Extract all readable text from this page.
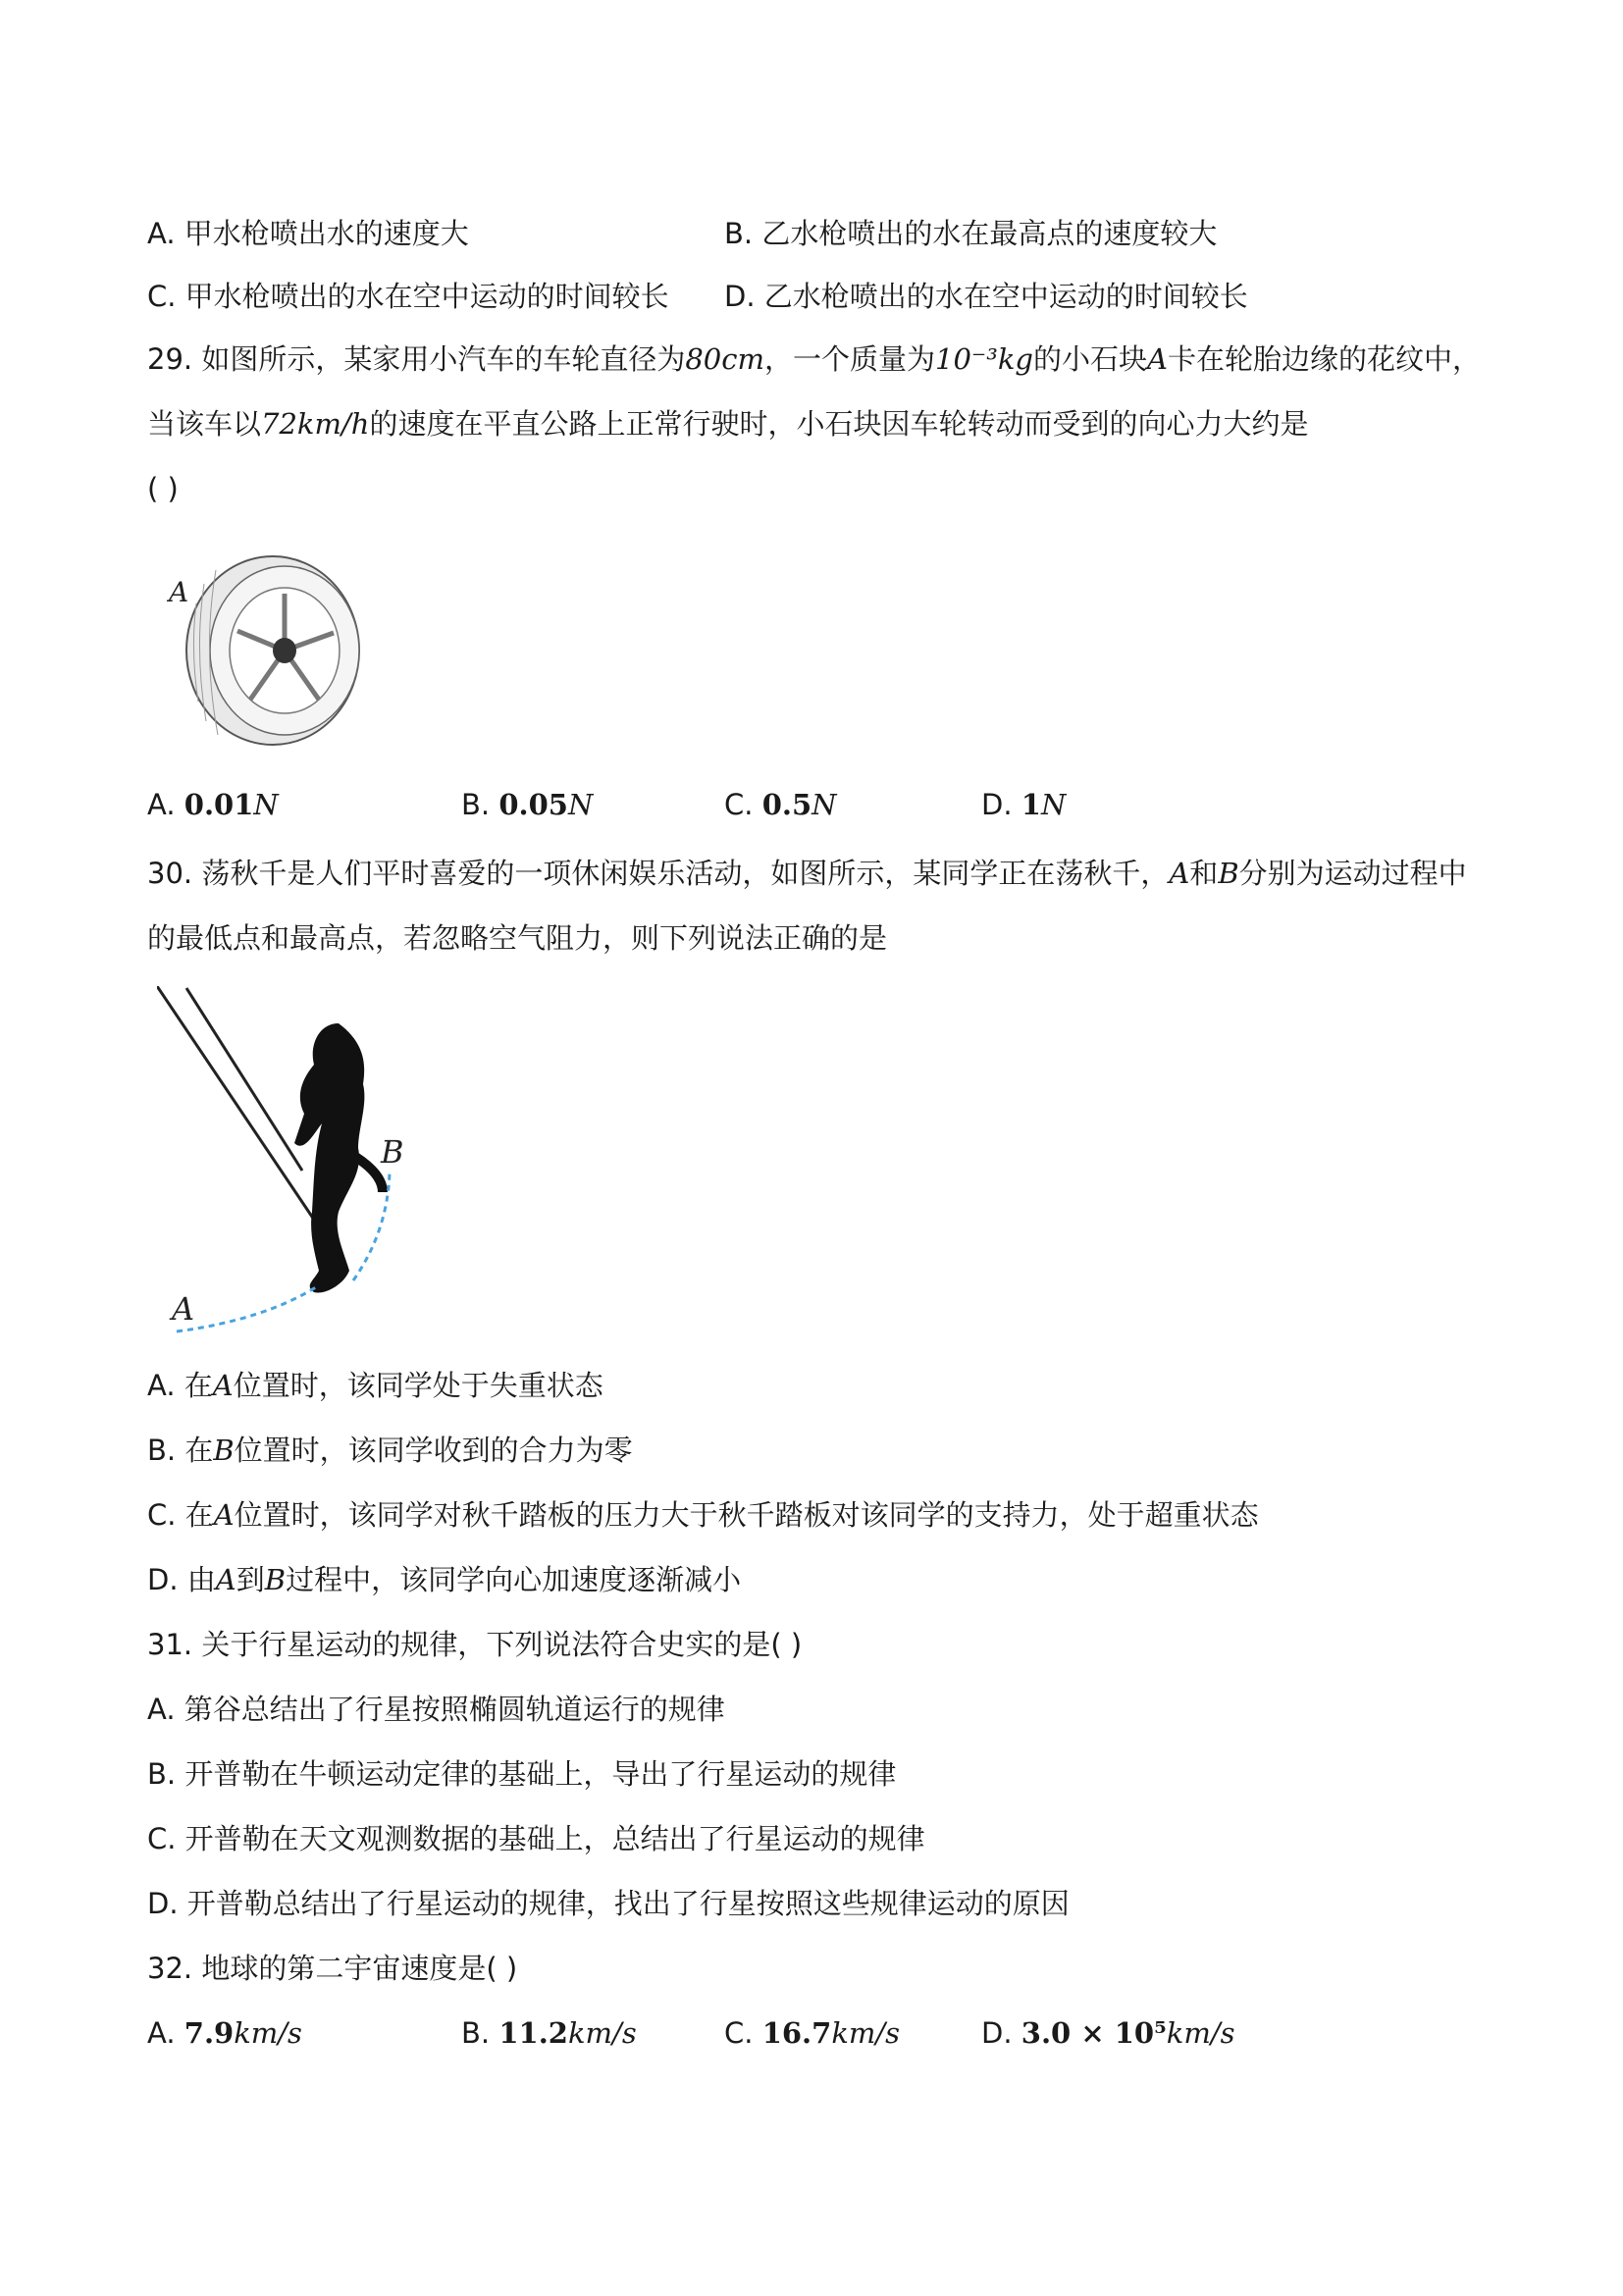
A. 甲水枪喷出水的速度大	B. 乙水枪喷出的水在最高点的速度较大
C. 甲水枪喷出的水在空中运动的时间较长 D. 乙水枪喷出的水在空中运动的时间较长
29. 如图所示，某家用小汽车的车轮直径为80cm，一个质量为10⁻³kg的小石块A卡在轮胎边缘的花纹中，
当该车以72km/h的速度在平直公路上正常行驶时，小石块因车轮转动而受到的向心力大约是
( )
A
A. 0.01N	B. 0.05N	C. 0.5N	D. 1N
30. 荡秋千是人们平时喜爱的一项休闲娱乐活动，如图所示，某同学正在荡秋千，A和B分别为运动过程中
的最低点和最高点，若忽略空气阻力，则下列说法正确的是
B
A
A. 在A位置时，该同学处于失重状态
B. 在B位置时，该同学收到的合力为零
C. 在A位置时，该同学对秋千踏板的压力大于秋千踏板对该同学的支持力，处于超重状态
D. 由A到B过程中，该同学向心加速度逐渐减小
31. 关于行星运动的规律，下列说法符合史实的是( )
A. 第谷总结出了行星按照椭圆轨道运行的规律
B. 开普勒在牛顿运动定律的基础上，导出了行星运动的规律
C. 开普勒在天文观测数据的基础上，总结出了行星运动的规律
D. 开普勒总结出了行星运动的规律，找出了行星按照这些规律运动的原因
32. 地球的第二宇宙速度是( )
A. 7.9km/s	B. 11.2km/s	C. 16.7km/s	D. 3.0 × 10⁵km/s
